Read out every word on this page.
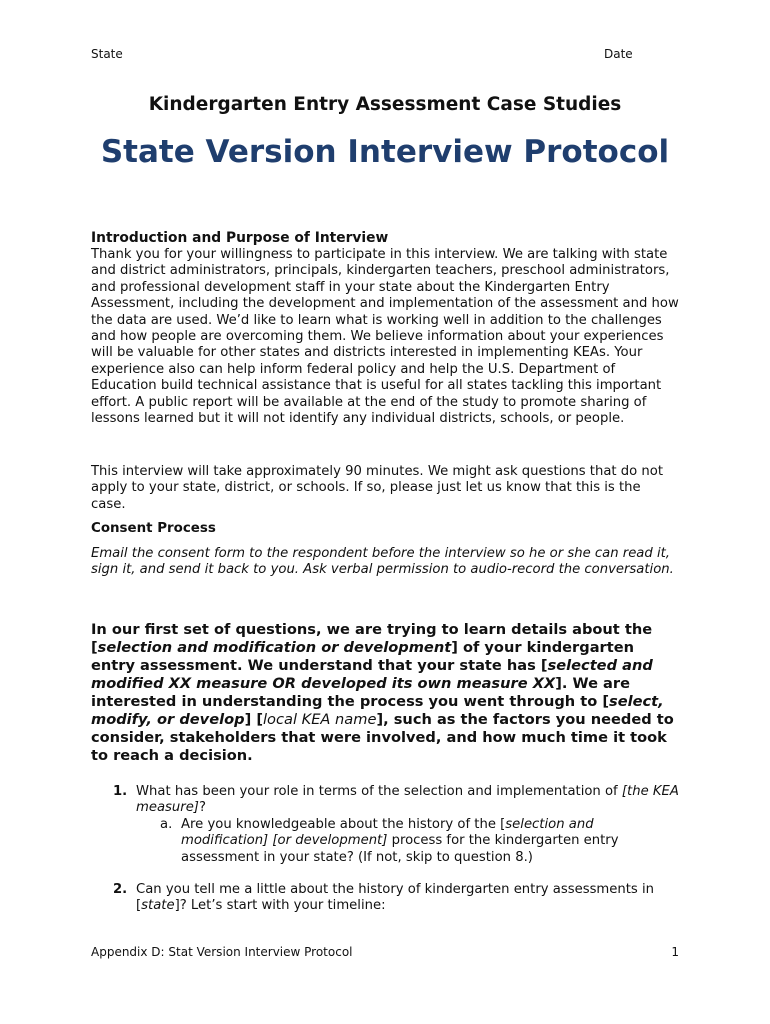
State	Date
Kindergarten Entry Assessment Case Studies
State Version Interview Protocol
Introduction and Purpose of Interview
Thank you for your willingness to participate in this interview. We are talking with state and district administrators, principals, kindergarten teachers, preschool administrators, and professional development staff in your state about the Kindergarten Entry Assessment, including the development and implementation of the assessment and how the data are used. We’d like to learn what is working well in addition to the challenges and how people are overcoming them. We believe information about your experiences will be valuable for other states and districts interested in implementing KEAs. Your experience also can help inform federal policy and help the U.S. Department of Education build technical assistance that is useful for all states tackling this important effort. A public report will be available at the end of the study to promote sharing of lessons learned but it will not identify any individual districts, schools, or people.
This interview will take approximately 90 minutes. We might ask questions that do not apply to your state, district, or schools. If so, please just let us know that this is the case.
Consent Process
Email the consent form to the respondent before the interview so he or she can read it, sign it, and send it back to you. Ask verbal permission to audio-record the conversation.
In our first set of questions, we are trying to learn details about the [selection and modification or development] of your kindergarten entry assessment. We understand that your state has [selected and modified XX measure OR developed its own measure XX]. We are interested in understanding the process you went through to [select, modify, or develop] [local KEA name], such as the factors you needed to consider, stakeholders that were involved, and how much time it took to reach a decision.
1. What has been your role in terms of the selection and implementation of [the KEA measure]?
a. Are you knowledgeable about the history of the [selection and modification] [or development] process for the kindergarten entry assessment in your state? (If not, skip to question 8.)
2. Can you tell me a little about the history of kindergarten entry assessments in [state]? Let’s start with your timeline:
Appendix D: Stat Version Interview Protocol	1
